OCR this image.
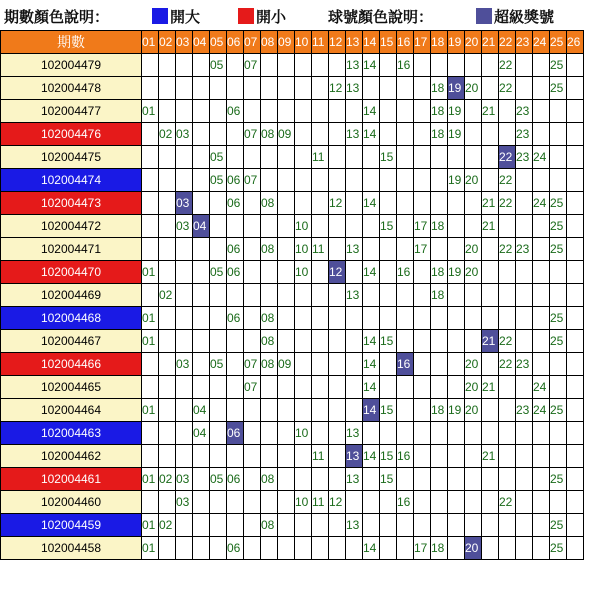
期數顏色說明：	開大	開小	球號顏色說明：	超級獎號
期數	01	02	03	04	05	06	07	08	09	10	11	12	13	14	15	16	17	18	19	20	21	22	23	24	25	26
102004479					05		07						13	14		16						22			25	
102004478												12	13					18	19	20		22			25	
102004477	01					06								14				18	19		21		23			
102004476		02	03				07	08	09				13	14				18	19				23			
102004475					05						11				15							22	23	24		
102004474					05	06	07												19	20		22				
102004473			03			06		08				12		14							21	22		24	25	
102004472			03	04						10					15		17	18			21				25	
102004471						06		08		10	11		13				17			20		22	23		25	
102004470	01				05	06				10		12		14		16		18	19	20						
102004469		02											13					18								
102004468	01					06		08																	25	
102004467	01							08						14	15						21	22			25	
102004466			03		05		07	08	09					14		16				20		22	23			
102004465							07							14						20	21			24		
102004464	01			04										14	15			18	19	20			23	24	25	
102004463				04		06				10			13													
102004462											11		13	14	15	16					21					
102004461	01	02	03		05	06		08					13		15										25	
102004460			03							10	11	12				16						22				
102004459	01	02						08					13												25	
102004458	01					06								14			17	18		20					25	
